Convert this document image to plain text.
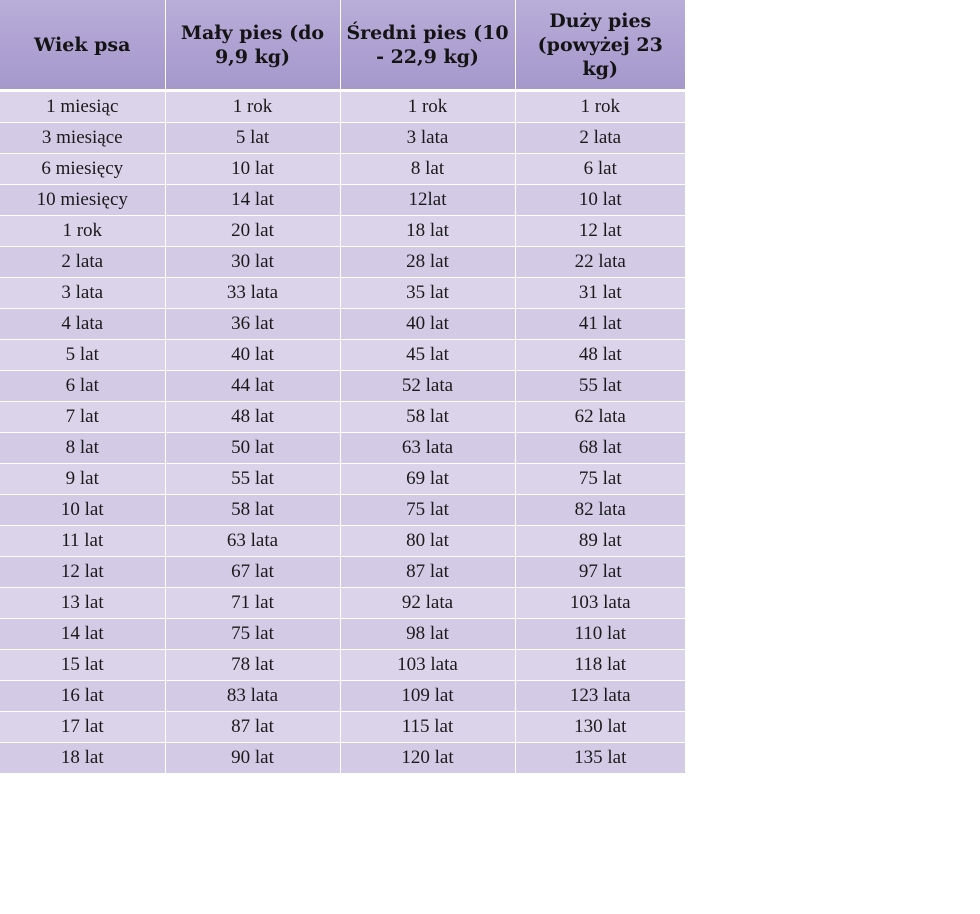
Wiek psa	Mały pies (do 9,9 kg)	Średni pies (10 - 22,9 kg)	Duży pies (powyżej 23 kg)
1 miesiąc	1 rok	1 rok	1 rok
3 miesiące	5 lat	3 lata	2 lata
6 miesięcy	10 lat	8 lat	6 lat
10 miesięcy	14 lat	12lat	10 lat
1 rok	20 lat	18 lat	12 lat
2 lata	30 lat	28 lat	22 lata
3 lata	33 lata	35 lat	31 lat
4 lata	36 lat	40 lat	41 lat
5 lat	40 lat	45 lat	48 lat
6 lat	44 lat	52 lata	55 lat
7 lat	48 lat	58 lat	62 lata
8 lat	50 lat	63 lata	68 lat
9 lat	55 lat	69 lat	75 lat
10 lat	58 lat	75 lat	82 lata
11 lat	63 lata	80 lat	89 lat
12 lat	67 lat	87 lat	97 lat
13 lat	71 lat	92 lata	103 lata
14 lat	75 lat	98 lat	110 lat
15 lat	78 lat	103 lata	118 lat
16 lat	83 lata	109 lat	123 lata
17 lat	87 lat	115 lat	130 lat
18 lat	90 lat	120 lat	135 lat
